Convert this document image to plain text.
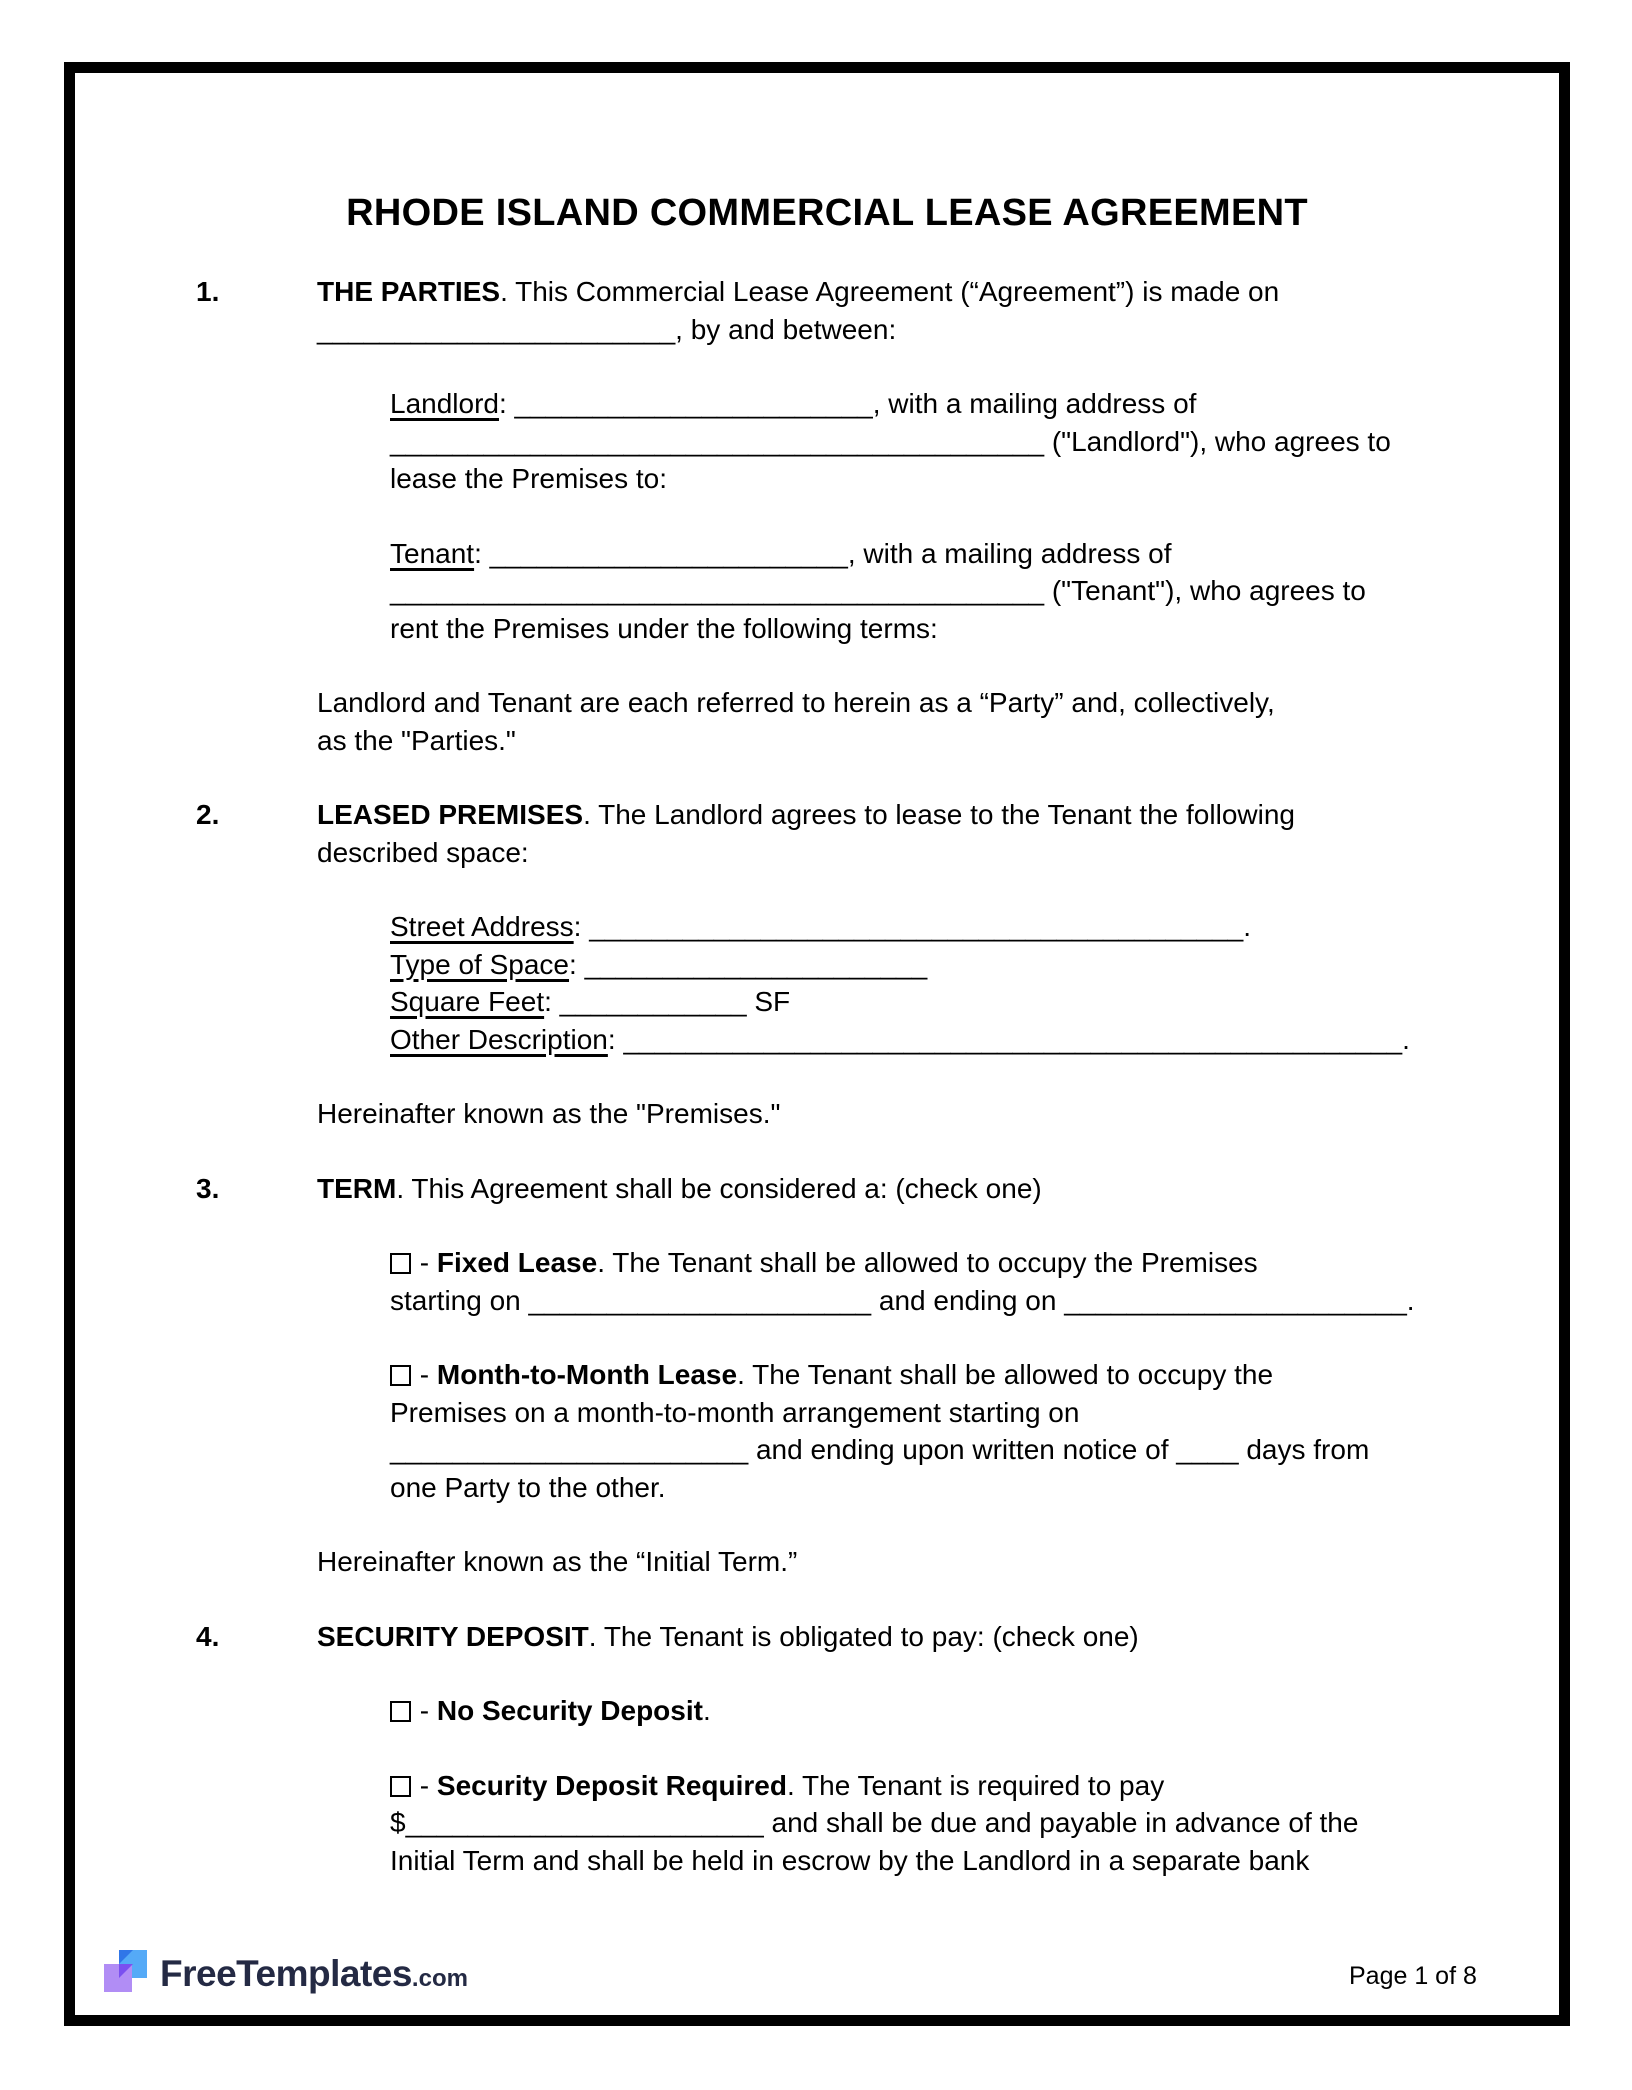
RHODE ISLAND COMMERCIAL LEASE AGREEMENT
1.	THE PARTIES. This Commercial Lease Agreement (“Agreement”) is made on
_______________________, by and between:
Landlord: _______________________, with a mailing address of
__________________________________________ ("Landlord"), who agrees to
lease the Premises to:
Tenant: _______________________, with a mailing address of
__________________________________________ ("Tenant"), who agrees to
rent the Premises under the following terms:
Landlord and Tenant are each referred to herein as a “Party” and, collectively,
as the "Parties."
2.	LEASED PREMISES. The Landlord agrees to lease to the Tenant the following
described space:
Street Address: __________________________________________.
Type of Space: ______________________
Square Feet: ____________ SF
Other Description: __________________________________________________.
Hereinafter known as the "Premises."
3.	TERM. This Agreement shall be considered a: (check one)
- Fixed Lease. The Tenant shall be allowed to occupy the Premises
starting on ______________________ and ending on ______________________.
- Month-to-Month Lease. The Tenant shall be allowed to occupy the
Premises on a month-to-month arrangement starting on
_______________________ and ending upon written notice of ____ days from
one Party to the other.
Hereinafter known as the “Initial Term.”
4.	SECURITY DEPOSIT. The Tenant is obligated to pay: (check one)
- No Security Deposit.
- Security Deposit Required. The Tenant is required to pay
$_______________________ and shall be due and payable in advance of the
Initial Term and shall be held in escrow by the Landlord in a separate bank
FreeTemplates.com	Page 1 of 8
